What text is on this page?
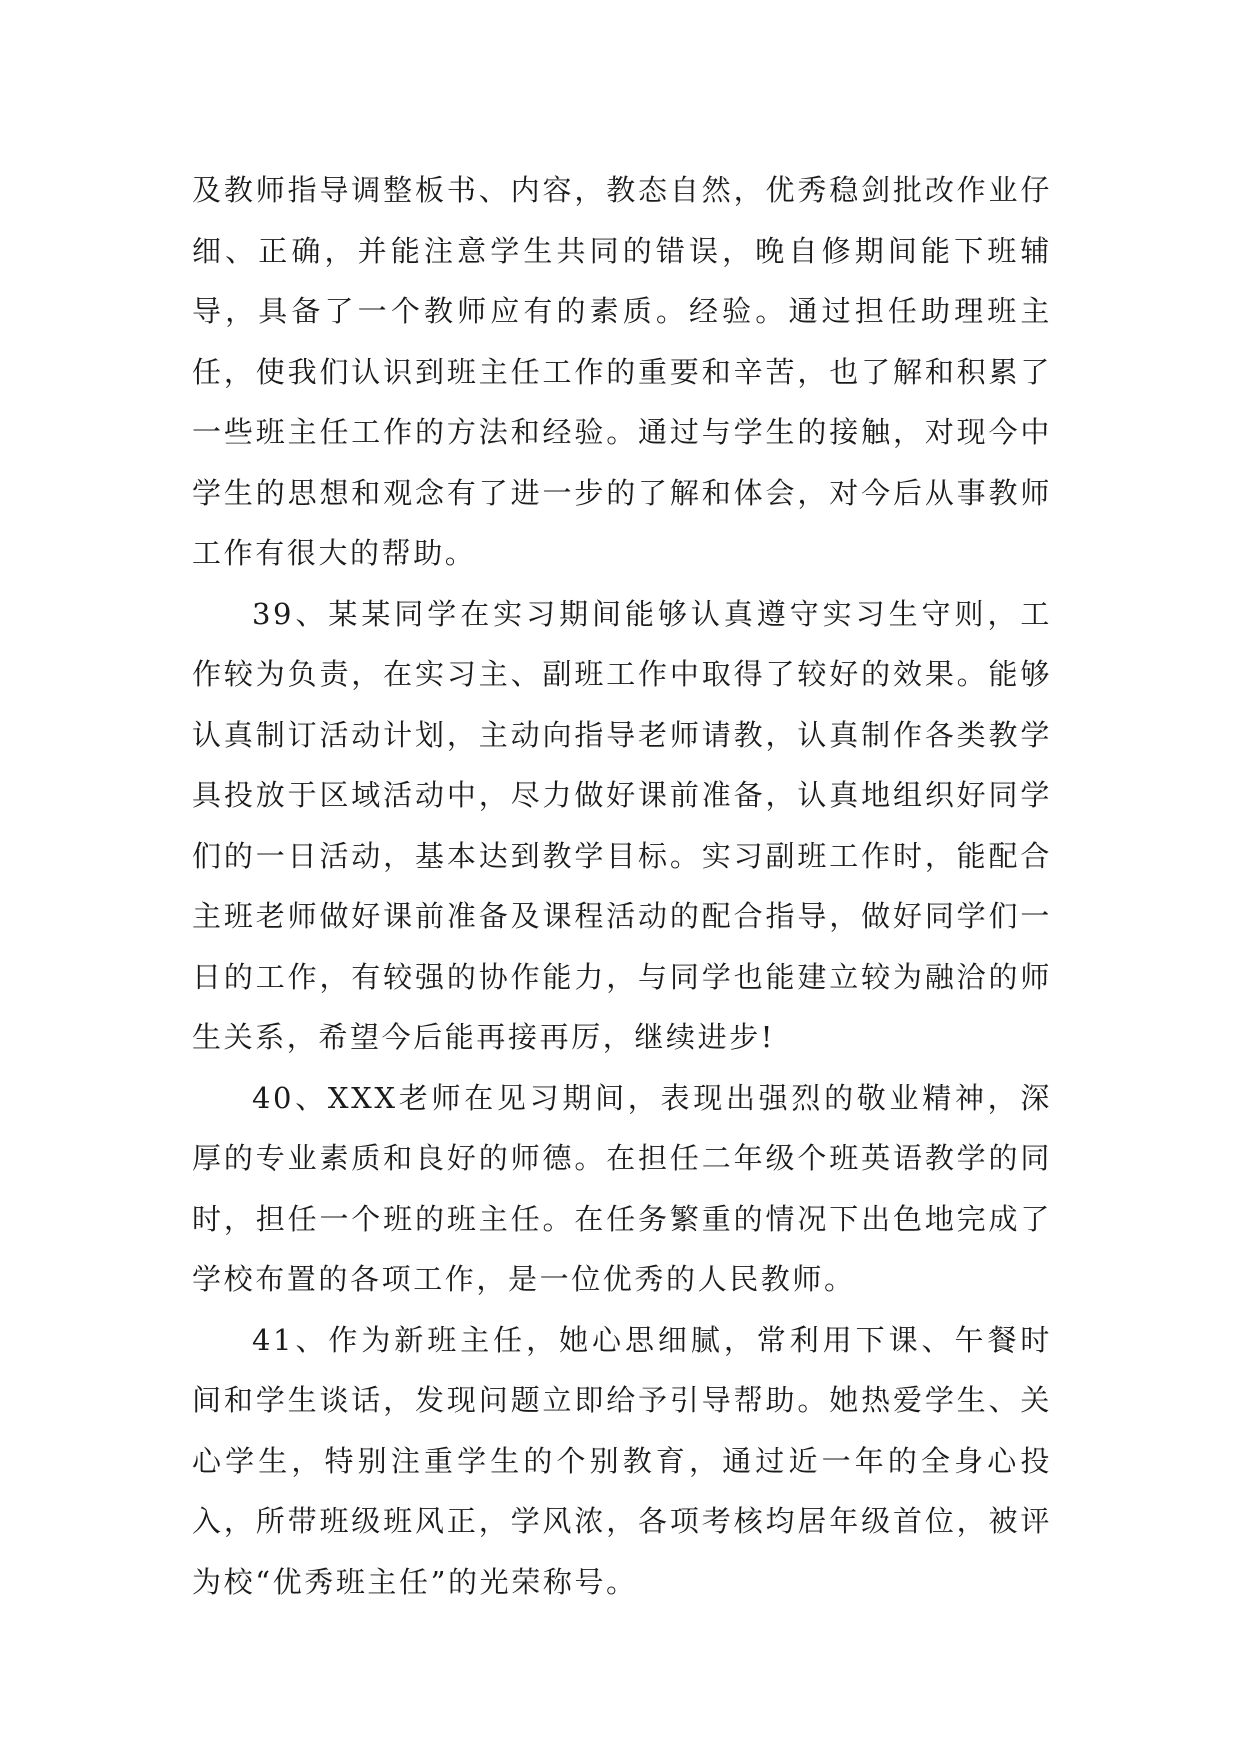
及教师指导调整板书、内容，教态自然，优秀稳剑批改作业仔细、正确，并能注意学生共同的错误，晚自修期间能下班辅导，具备了一个教师应有的素质。经验。通过担任助理班主任，使我们认识到班主任工作的重要和辛苦，也了解和积累了一些班主任工作的方法和经验。通过与学生的接触，对现今中学生的思想和观念有了进一步的了解和体会，对今后从事教师工作有很大的帮助。

39、某某同学在实习期间能够认真遵守实习生守则，工作较为负责，在实习主、副班工作中取得了较好的效果。能够认真制订活动计划，主动向指导老师请教，认真制作各类教学具投放于区域活动中，尽力做好课前准备，认真地组织好同学们的一日活动，基本达到教学目标。实习副班工作时，能配合主班老师做好课前准备及课程活动的配合指导，做好同学们一日的工作，有较强的协作能力，与同学也能建立较为融洽的师生关系，希望今后能再接再厉，继续进步!

40、XXX老师在见习期间，表现出强烈的敬业精神，深厚的专业素质和良好的师德。在担任二年级个班英语教学的同时，担任一个班的班主任。在任务繁重的情况下出色地完成了学校布置的各项工作，是一位优秀的人民教师。

41、作为新班主任，她心思细腻，常利用下课、午餐时间和学生谈话，发现问题立即给予引导帮助。她热爱学生、关心学生，特别注重学生的个别教育，通过近一年的全身心投入，所带班级班风正，学风浓，各项考核均居年级首位，被评为校“优秀班主任”的光荣称号。
